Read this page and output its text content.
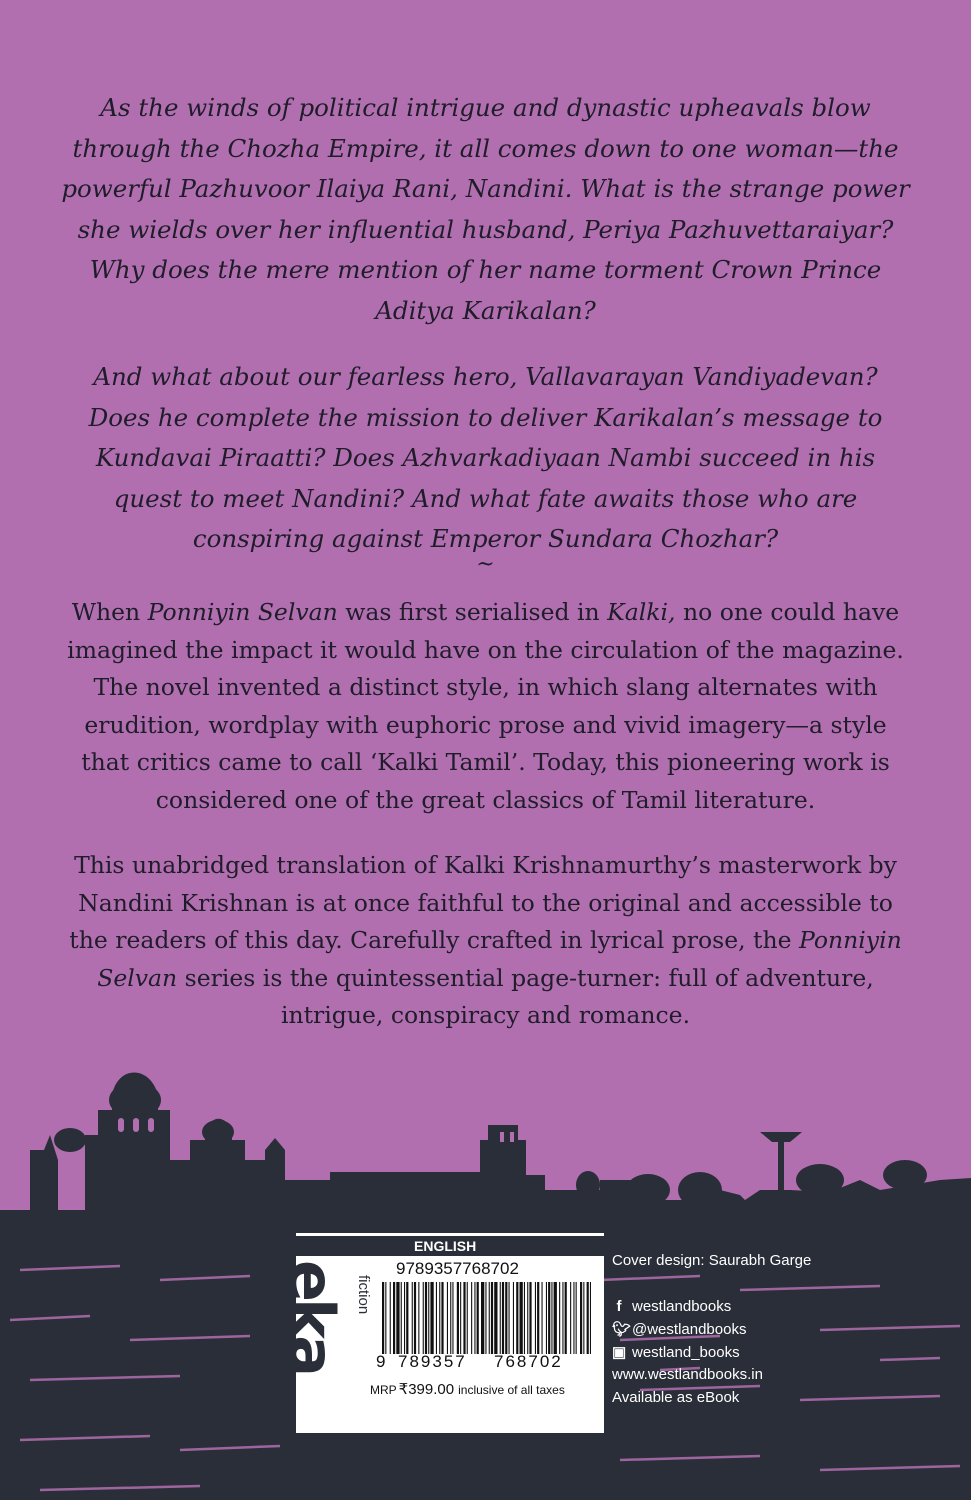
As the winds of political intrigue and dynastic upheavals blow through the Chozha Empire, it all comes down to one woman—the powerful Pazhuvoor Ilaiya Rani, Nandini. What is the strange power she wields over her influential husband, Periya Pazhuvettaraiyar? Why does the mere mention of her name torment Crown Prince Aditya Karikalan?

And what about our fearless hero, Vallavarayan Vandiyadevan? Does he complete the mission to deliver Karikalan’s message to Kundavai Piraatti? Does Azhvarkadiyaan Nambi succeed in his quest to meet Nandini? And what fate awaits those who are conspiring against Emperor Sundara Chozhar?

~

When Ponniyin Selvan was first serialised in Kalki, no one could have imagined the impact it would have on the circulation of the magazine. The novel invented a distinct style, in which slang alternates with erudition, wordplay with euphoric prose and vivid imagery—a style that critics came to call ‘Kalki Tamil’. Today, this pioneering work is considered one of the great classics of Tamil literature.

This unabridged translation of Kalki Krishnamurthy’s masterwork by Nandini Krishnan is at once faithful to the original and accessible to the readers of this day. Carefully crafted in lyrical prose, the Ponniyin Selvan series is the quintessential page-turner: full of adventure, intrigue, conspiracy and romance.

ENGLISH
eka fiction
9789357768702
9 789357 768702
MRP ₹399.00 inclusive of all taxes
AN IMPRINT OF WESTLAND BOOKS
Cover design: Saurabh Garge
f westlandbooks
🐦︎@westlandbooks
▣ westland_books
www.westlandbooks.in
Available as eBook
